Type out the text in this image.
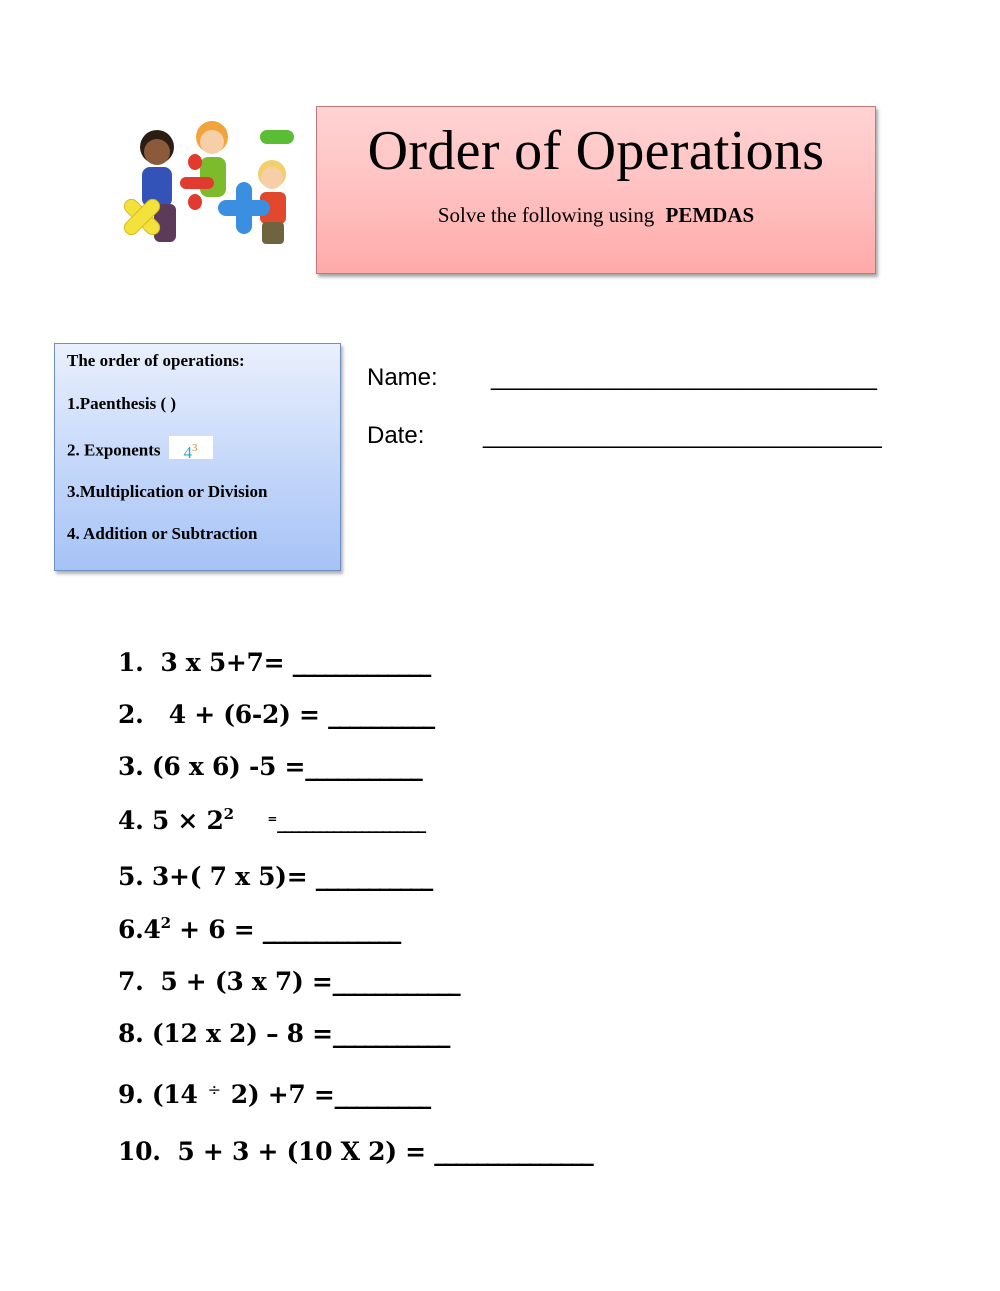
Order of Operations
Solve the following using PEMDAS
The order of operations:
1.Paenthesis ( )
2. Exponents $4^3$
3.Multiplication or Division
4. Addition or Subtraction
Name: ______________________________
Date: _______________________________
1. 3 x 5+7= _____________
2. 4 + (6-2) = __________
3. (6 x 6) -5 =___________
4. $5 \times 2^2$	=_____________________
5. 3+( 7 x 5)= ___________
$6.4^2 + 6$ = _____________
7. 5 + (3 x 7) =____________
8. (12 x 2) – 8 =___________
9. (14 ÷ 2) +7 =_________
10. 5 + 3 + (10 X 2) = _______________
